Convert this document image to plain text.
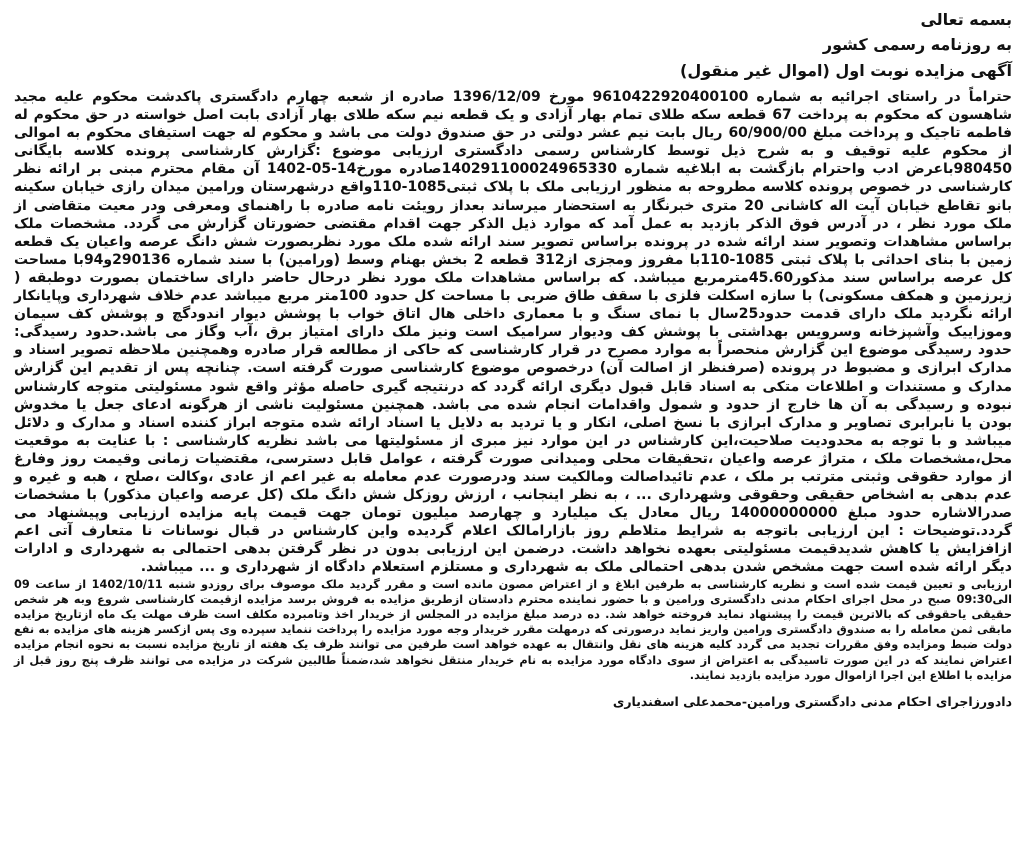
بسمه تعالی

به روزنامه رسمی کشور

آگهی مزایده نوبت اول (اموال غیر منقول)

حتراماً در راستای اجرائیه به شماره 9610422920400100 مورخ 1396/12/09 صادره از شعبه چهارم دادگستری پاکدشت محکوم علیه مجید شاهسون که محکوم به پرداخت 67 قطعه سکه طلای تمام بهار آزادی و یک قطعه نیم سکه طلای بهار آزادی بابت اصل خواسته در حق محکوم له فاطمه تاجیک و پرداخت مبلغ 60/900/00 ریال بابت نیم عشر دولتی در حق صندوق دولت می باشد و محکوم له جهت استیفای محکوم به اموالی از محکوم علیه توقیف و به شرح ذیل توسط کارشناس رسمی دادگستری ارزیابی موضوع :گزارش کارشناسی پرونده کلاسه بایگانی 980450باعرض ادب واحترام بازگشت به ابلاغیه شماره 140291100024965330صادره مورخ14-05-1402 آن مقام محترم مبنی بر ارائه نظر کارشناسی در خصوص پرونده کلاسه مطروحه به منظور ارزیابی ملک با پلاک ثبتی1085-110واقع درشهرستان ورامین میدان رازی خیابان سکینه بانو تقاطع خیابان آیت اله کاشانی 20 متری خبرنگار به استحضار میرساند بعداز رویئت نامه صادره با راهنمای ومعرفی ودر معیت متقاضی از ملک مورد نظر ، در آدرس فوق الذکر بازدید به عمل آمد که موارد ذیل الذکر جهت اقدام مقتضی حضورتان گزارش می گردد. مشخصات ملک براساس مشاهدات وتصویر سند ارائه شده در پرونده براساس تصویر سند ارائه شده ملک مورد نظربصورت شش دانگ عرصه واعیان یک قطعه زمین با بنای احداثی با پلاک ثبتی 1085-110با مفروز ومجزی از312 قطعه 2 بخش بهنام وسط (ورامین) با سند شماره 290136و94با مساحت کل عرصه براساس سند مذکور45.60مترمربع میباشد. که براساس مشاهدات ملک مورد نظر درحال حاضر دارای ساختمان بصورت دوطبقه ( زیرزمین و همکف مسکونی) با سازه اسکلت فلزی با سقف طاق ضربی با مساحت کل حدود 100متر مربع میباشد عدم خلاف شهرداری وپایانکار ارائه نگردید ملک دارای قدمت حدود25سال با نمای سنگ و با معماری داخلی هال اتاق خواب با پوشش دیوار اندودگچ و پوشش کف سیمان وموزاییک وآشپزخانه وسرویس بهداشتی با پوشش کف ودیوار سرامیک است ونیز ملک دارای امتیاز برق ،آب وگاز می باشد.حدود رسیدگی: حدود رسیدگی موضوع این گزارش منحصراً به موارد مصرح در قرار کارشناسی که حاکی از مطالعه قرار صادره وهمچنین ملاحظه تصویر اسناد و مدارک ابرازی و مضبوط در پرونده (صرفنظر از اصالت آن) درخصوص موضوع کارشناسی صورت گرفته است. چنانچه پس از تقدیم این گزارش مدارک و مستندات و اطلاعات متکی به اسناد قابل قبول دیگری ارائه گردد که درنتیجه گیری حاصله مؤثر واقع شود مسئولیتی متوجه کارشناس نبوده و رسیدگی به آن ها خارج از حدود و شمول واقدامات انجام شده می باشد. همچنین مسئولیت ناشی از هرگونه ادعای جعل یا مخدوش بودن یا نابرابری تصاویر و مدارک ابرازی با نسخ اصلی، انکار و یا تردید به دلایل یا اسناد ارائه شده متوجه ابراز کننده اسناد و مدارک و دلائل میباشد و با توجه به محدودیت صلاحیت،این کارشناس در این موارد نیز مبری از مسئولیتها می باشد نظریه کارشناسی : با عنایت به موقعیت محل،مشخصات ملک ، متراژ عرصه واعیان ،تحقیقات محلی ومیدانی صورت گرفته ، عوامل قابل دسترسی، مقتضیات زمانی وقیمت روز وفارغ از موارد حقوقی وثبتی مترتب بر ملک ، عدم تائیداصالت ومالکیت سند ودرصورت عدم معامله به غیر اعم از عادی ،وکالت ،صلح ، هبه و غیره و عدم بدهی به اشخاص حقیقی وحقوقی وشهرداری ... ، به نظر اینجانب ، ارزش روزکل شش دانگ ملک (کل عرصه واعیان مذکور) با مشخصات صدرالاشاره حدود مبلغ 14000000000 ریال معادل یک میلیارد و چهارصد میلیون تومان جهت قیمت پایه مزایده ارزیابی وپیشنهاد می گردد.توضیحات : این ارزیابی باتوجه به شرایط متلاطم روز بازارامالک اعلام گردیده واین کارشناس در قبال نوسانات نا متعارف آتی اعم ازافزایش یا کاهش شدیدقیمت مسئولیتی بعهده نخواهد داشت. درضمن این ارزیابی بدون در نظر گرفتن بدهی احتمالی به شهرداری و ادارات دیگر ارائه شده است جهت مشخص شدن بدهی احتمالی ملک به شهرداری و مستلزم استعلام دادگاه از شهرداری و ... میباشد.

ارزیابی و تعیین قیمت شده است و نظریه کارشناسی به طرفین ابلاغ و از اعتراض مصون مانده است و مقرر گردید ملک موصوف برای روزدو شنبه 1402/10/11 از ساعت 09 الی09:30 صبح در محل اجرای احکام مدنی دادگستری ورامین و با حضور نماینده محترم دادستان ازطریق مزایده به فروش برسد مزایده ازقیمت کارشناسی شروع وبه هر شخص حقیقی یاحقوقی که بالاترین قیمت را پیشنهاد نماید فروخته خواهد شد. ده درصد مبلغ مزایده در المجلس از خریدار اخذ وتامبرده مکلف است ظرف مهلت یک ماه ازتاریخ مزایده مابقی ثمن معامله را به صندوق دادگستری ورامین واریز نماید درصورتی که درمهلت مقرر خریدار وجه مورد مزایده را پرداخت ننماید سپرده وی پس ازکسر هزینه های مزایده به نفع دولت ضبط ومزایده وفق مقررات تجدید می گردد کلیه هزینه های نقل وانتقال به عهده خواهد است طرفین می توانند ظرف یک هفته از تاریخ مزایده نسبت به نحوه انجام مزایده اعتراض نمایند که در این صورت تاسیدگی به اعتراض از سوی دادگاه مورد مزایده به نام خریدار منتقل نخواهد شد،ضمناً طالبین شرکت در مزایده می توانند ظرف پنج روز قبل از مزایده با اطلاع این اجرا ازاموال مورد مزایده بازدید نمایند.

دادورزاجرای احکام مدنی دادگستری ورامین-محمدعلی اسفندیاری
